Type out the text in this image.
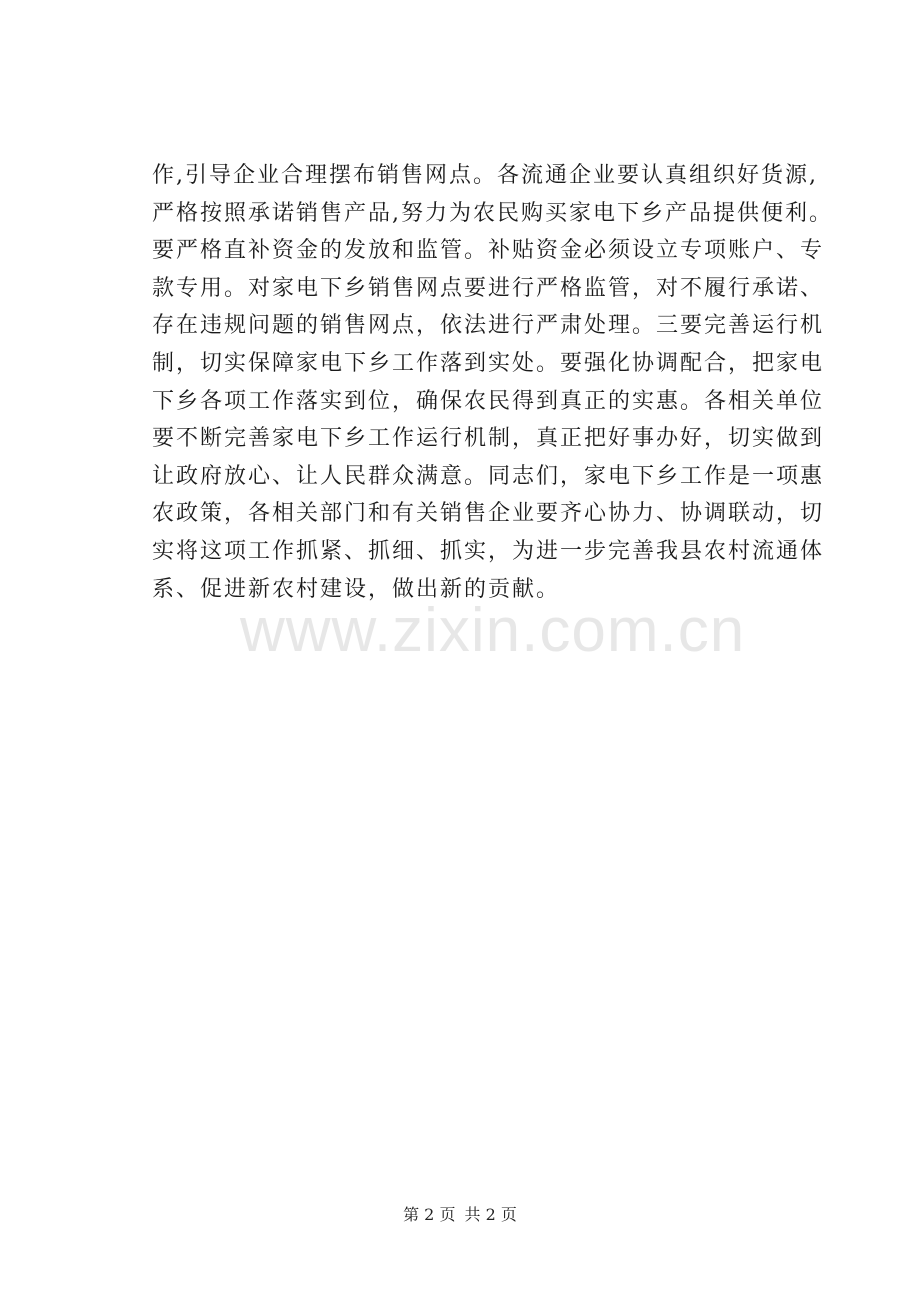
www.zixin.com.cn
作,引导企业合理摆布销售网点。各流通企业要认真组织好货源,
严格按照承诺销售产品,努力为农民购买家电下乡产品提供便利。
要严格直补资金的发放和监管。补贴资金必须设立专项账户、专
款专用。对家电下乡销售网点要进行严格监管，对不履行承诺、
存在违规问题的销售网点，依法进行严肃处理。三要完善运行机
制，切实保障家电下乡工作落到实处。要强化协调配合，把家电
下乡各项工作落实到位，确保农民得到真正的实惠。各相关单位
要不断完善家电下乡工作运行机制，真正把好事办好，切实做到
让政府放心、让人民群众满意。同志们，家电下乡工作是一项惠
农政策，各相关部门和有关销售企业要齐心协力、协调联动，切
实将这项工作抓紧、抓细、抓实，为进一步完善我县农村流通体
系、促进新农村建设，做出新的贡献。
第 2 页 共 2 页
